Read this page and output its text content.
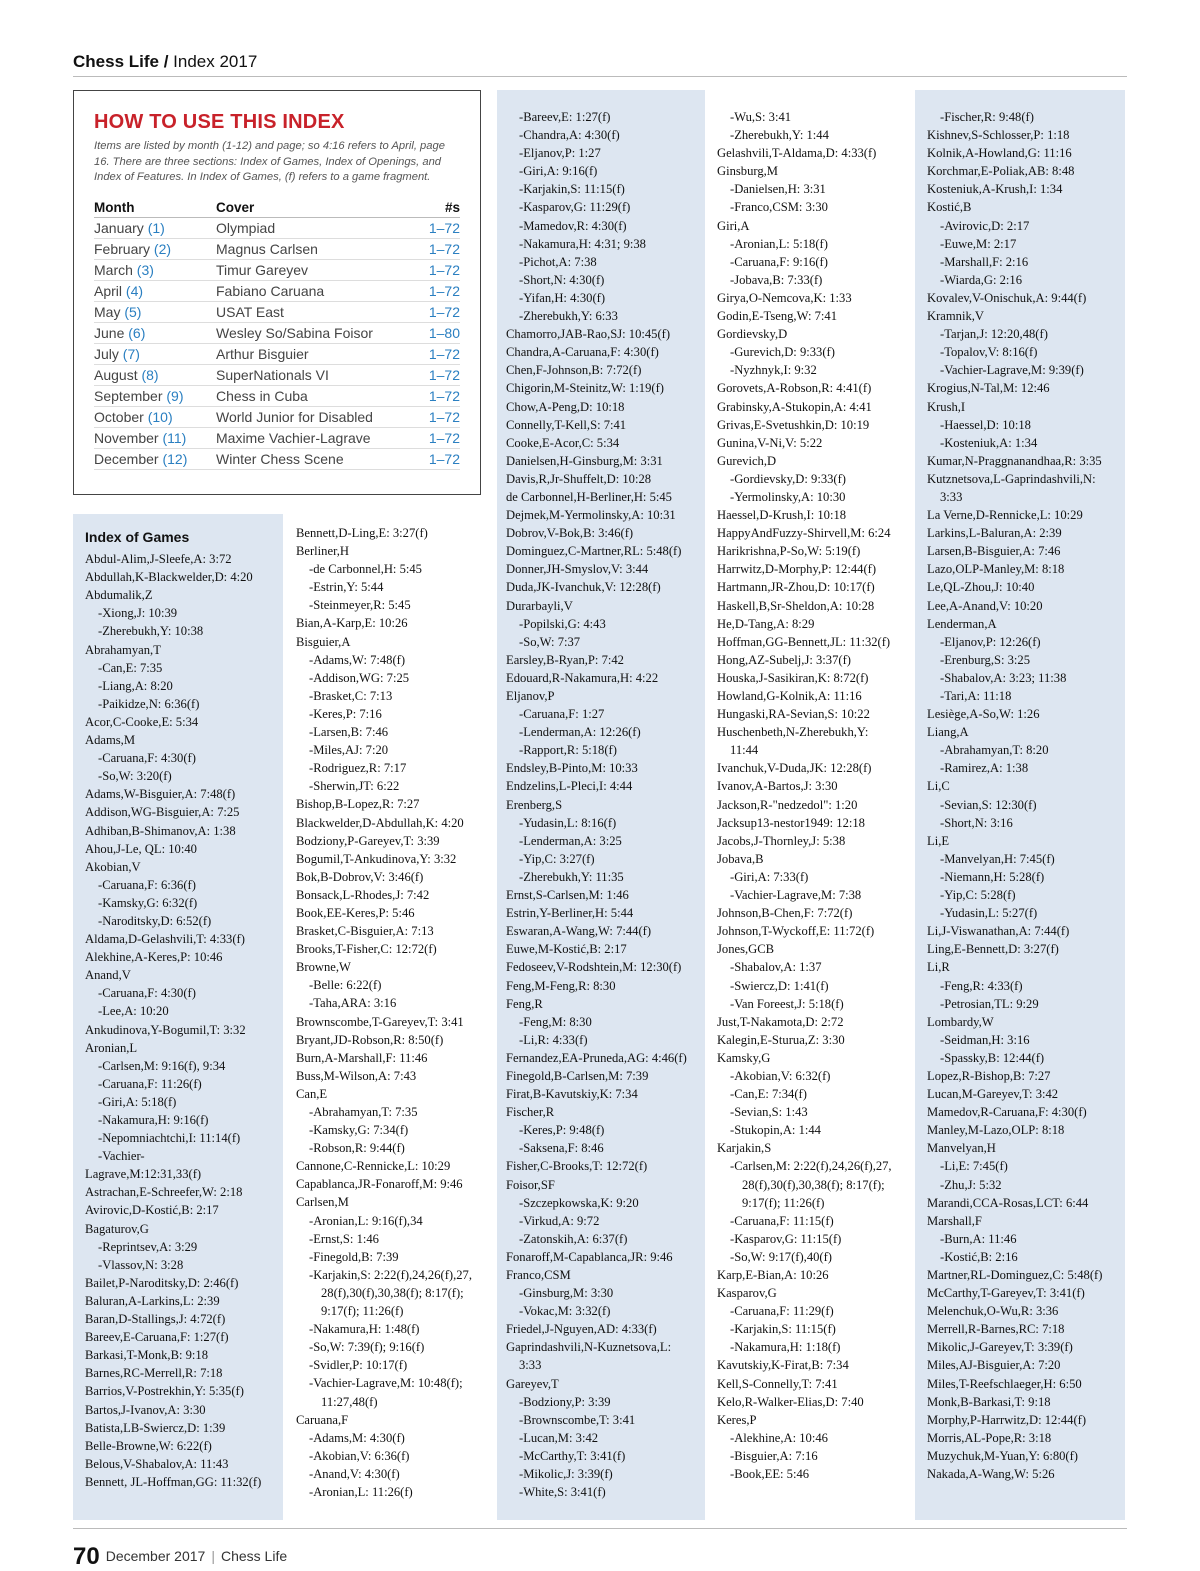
Chess Life / Index 2017
HOW TO USE THIS INDEX
Items are listed by month (1-12) and page; so 4:16 refers to April, page 16. There are three sections: Index of Games, Index of Openings, and Index of Features. In Index of Games, (f) refers to a game fragment.
Month	Cover	#s
January (1)	Olympiad	1–72
February (2)	Magnus Carlsen	1–72
March (3)	Timur Gareyev	1–72
April (4)	Fabiano Caruana	1–72
May (5)	USAT East	1–72
June (6)	Wesley So/Sabina Foisor	1–80
July (7)	Arthur Bisguier	1–72
August (8)	SuperNationals VI	1–72
September (9)	Chess in Cuba	1–72
October (10)	World Junior for Disabled	1–72
November (11)	Maxime Vachier-Lagrave	1–72
December (12)	Winter Chess Scene	1–72
Index of Games
Abdul-Alim,J-Sleefe,A: 3:72
Abdullah,K-Blackwelder,D: 4:20
Abdumalik,Z
-Xiong,J: 10:39
-Zherebukh,Y: 10:38
Abrahamyan,T
-Can,E: 7:35
-Liang,A: 8:20
-Paikidze,N: 6:36(f)
Acor,C-Cooke,E: 5:34
Adams,M
-Caruana,F: 4:30(f)
-So,W: 3:20(f)
Adams,W-Bisguier,A: 7:48(f)
Addison,WG-Bisguier,A: 7:25
Adhiban,B-Shimanov,A: 1:38
Ahou,J-Le, QL: 10:40
Akobian,V
-Caruana,F: 6:36(f)
-Kamsky,G: 6:32(f)
-Naroditsky,D: 6:52(f)
Aldama,D-Gelashvili,T: 4:33(f)
Alekhine,A-Keres,P: 10:46
Anand,V
-Caruana,F: 4:30(f)
-Lee,A: 10:20
Ankudinova,Y-Bogumil,T: 3:32
Aronian,L
-Carlsen,M: 9:16(f), 9:34
-Caruana,F: 11:26(f)
-Giri,A: 5:18(f)
-Nakamura,H: 9:16(f)
-Nepomniachtchi,I: 11:14(f)
-Vachier-
Lagrave,M:12:31,33(f)
Astrachan,E-Schreefer,W: 2:18
Avirovic,D-Kostić,B: 2:17
Bagaturov,G
-Reprintsev,A: 3:29
-Vlassov,N: 3:28
Bailet,P-Naroditsky,D: 2:46(f)
Baluran,A-Larkins,L: 2:39
Baran,D-Stallings,J: 4:72(f)
Bareev,E-Caruana,F: 1:27(f)
Barkasi,T-Monk,B: 9:18
Barnes,RC-Merrell,R: 7:18
Barrios,V-Postrekhin,Y: 5:35(f)
Bartos,J-Ivanov,A: 3:30
Batista,LB-Swiercz,D: 1:39
Belle-Browne,W: 6:22(f)
Belous,V-Shabalov,A: 11:43
Bennett, JL-Hoffman,GG: 11:32(f)
Bennett,D-Ling,E: 3:27(f)
Berliner,H
-de Carbonnel,H: 5:45
-Estrin,Y: 5:44
-Steinmeyer,R: 5:45
Bian,A-Karp,E: 10:26
Bisguier,A
-Adams,W: 7:48(f)
-Addison,WG: 7:25
-Brasket,C: 7:13
-Keres,P: 7:16
-Larsen,B: 7:46
-Miles,AJ: 7:20
-Rodriguez,R: 7:17
-Sherwin,JT: 6:22
Bishop,B-Lopez,R: 7:27
Blackwelder,D-Abdullah,K: 4:20
Bodziony,P-Gareyev,T: 3:39
Bogumil,T-Ankudinova,Y: 3:32
Bok,B-Dobrov,V: 3:46(f)
Bonsack,L-Rhodes,J: 7:42
Book,EE-Keres,P: 5:46
Brasket,C-Bisguier,A: 7:13
Brooks,T-Fisher,C: 12:72(f)
Browne,W
-Belle: 6:22(f)
-Taha,ARA: 3:16
Brownscombe,T-Gareyev,T: 3:41
Bryant,JD-Robson,R: 8:50(f)
Burn,A-Marshall,F: 11:46
Buss,M-Wilson,A: 7:43
Can,E
-Abrahamyan,T: 7:35
-Kamsky,G: 7:34(f)
-Robson,R: 9:44(f)
Cannone,C-Rennicke,L: 10:29
Capablanca,JR-Fonaroff,M: 9:46
Carlsen,M
-Aronian,L: 9:16(f),34
-Ernst,S: 1:46
-Finegold,B: 7:39
-Karjakin,S: 2:22(f),24,26(f),27,
28(f),30(f),30,38(f); 8:17(f);
9:17(f); 11:26(f)
-Nakamura,H: 1:48(f)
-So,W: 7:39(f); 9:16(f)
-Svidler,P: 10:17(f)
-Vachier-Lagrave,M: 10:48(f);
11:27,48(f)
Caruana,F
-Adams,M: 4:30(f)
-Akobian,V: 6:36(f)
-Anand,V: 4:30(f)
-Aronian,L: 11:26(f)
-Bareev,E: 1:27(f)
-Chandra,A: 4:30(f)
-Eljanov,P: 1:27
-Giri,A: 9:16(f)
-Karjakin,S: 11:15(f)
-Kasparov,G: 11:29(f)
-Mamedov,R: 4:30(f)
-Nakamura,H: 4:31; 9:38
-Pichot,A: 7:38
-Short,N: 4:30(f)
-Yifan,H: 4:30(f)
-Zherebukh,Y: 6:33
Chamorro,JAB-Rao,SJ: 10:45(f)
Chandra,A-Caruana,F: 4:30(f)
Chen,F-Johnson,B: 7:72(f)
Chigorin,M-Steinitz,W: 1:19(f)
Chow,A-Peng,D: 10:18
Connelly,T-Kell,S: 7:41
Cooke,E-Acor,C: 5:34
Danielsen,H-Ginsburg,M: 3:31
Davis,R,Jr-Shuffelt,D: 10:28
de Carbonnel,H-Berliner,H: 5:45
Dejmek,M-Yermolinsky,A: 10:31
Dobrov,V-Bok,B: 3:46(f)
Dominguez,C-Martner,RL: 5:48(f)
Donner,JH-Smyslov,V: 3:44
Duda,JK-Ivanchuk,V: 12:28(f)
Durarbayli,V
-Popilski,G: 4:43
-So,W: 7:37
Earsley,B-Ryan,P: 7:42
Edouard,R-Nakamura,H: 4:22
Eljanov,P
-Caruana,F: 1:27
-Lenderman,A: 12:26(f)
-Rapport,R: 5:18(f)
Endsley,B-Pinto,M: 10:33
Endzelins,L-Pleci,I: 4:44
Erenberg,S
-Yudasin,L: 8:16(f)
-Lenderman,A: 3:25
-Yip,C: 3:27(f)
-Zherebukh,Y: 11:35
Ernst,S-Carlsen,M: 1:46
Estrin,Y-Berliner,H: 5:44
Eswaran,A-Wang,W: 7:44(f)
Euwe,M-Kostić,B: 2:17
Fedoseev,V-Rodshtein,M: 12:30(f)
Feng,M-Feng,R: 8:30
Feng,R
-Feng,M: 8:30
-Li,R: 4:33(f)
Fernandez,EA-Pruneda,AG: 4:46(f)
Finegold,B-Carlsen,M: 7:39
Firat,B-Kavutskiy,K: 7:34
Fischer,R
-Keres,P: 9:48(f)
-Saksena,F: 8:46
Fisher,C-Brooks,T: 12:72(f)
Foisor,SF
-Szczepkowska,K: 9:20
-Virkud,A: 9:72
-Zatonskih,A: 6:37(f)
Fonaroff,M-Capablanca,JR: 9:46
Franco,CSM
-Ginsburg,M: 3:30
-Vokac,M: 3:32(f)
Friedel,J-Nguyen,AD: 4:33(f)
Gaprindashvili,N-Kuznetsova,L:
3:33
Gareyev,T
-Bodziony,P: 3:39
-Brownscombe,T: 3:41
-Lucan,M: 3:42
-McCarthy,T: 3:41(f)
-Mikolic,J: 3:39(f)
-White,S: 3:41(f)
-Wu,S: 3:41
-Zherebukh,Y: 1:44
Gelashvili,T-Aldama,D: 4:33(f)
Ginsburg,M
-Danielsen,H: 3:31
-Franco,CSM: 3:30
Giri,A
-Aronian,L: 5:18(f)
-Caruana,F: 9:16(f)
-Jobava,B: 7:33(f)
Girya,O-Nemcova,K: 1:33
Godin,E-Tseng,W: 7:41
Gordievsky,D
-Gurevich,D: 9:33(f)
-Nyzhnyk,I: 9:32
Gorovets,A-Robson,R: 4:41(f)
Grabinsky,A-Stukopin,A: 4:41
Grivas,E-Svetushkin,D: 10:19
Gunina,V-Ni,V: 5:22
Gurevich,D
-Gordievsky,D: 9:33(f)
-Yermolinsky,A: 10:30
Haessel,D-Krush,I: 10:18
HappyAndFuzzy-Shirvell,M: 6:24
Harikrishna,P-So,W: 5:19(f)
Harrwitz,D-Morphy,P: 12:44(f)
Hartmann,JR-Zhou,D: 10:17(f)
Haskell,B,Sr-Sheldon,A: 10:28
He,D-Tang,A: 8:29
Hoffman,GG-Bennett,JL: 11:32(f)
Hong,AZ-Subelj,J: 3:37(f)
Houska,J-Sasikiran,K: 8:72(f)
Howland,G-Kolnik,A: 11:16
Hungaski,RA-Sevian,S: 10:22
Huschenbeth,N-Zherebukh,Y:
11:44
Ivanchuk,V-Duda,JK: 12:28(f)
Ivanov,A-Bartos,J: 3:30
Jackson,R-"nedzedol": 1:20
Jacksup13-nestor1949: 12:18
Jacobs,J-Thornley,J: 5:38
Jobava,B
-Giri,A: 7:33(f)
-Vachier-Lagrave,M: 7:38
Johnson,B-Chen,F: 7:72(f)
Johnson,T-Wyckoff,E: 11:72(f)
Jones,GCB
-Shabalov,A: 1:37
-Swiercz,D: 1:41(f)
-Van Foreest,J: 5:18(f)
Just,T-Nakamota,D: 2:72
Kalegin,E-Sturua,Z: 3:30
Kamsky,G
-Akobian,V: 6:32(f)
-Can,E: 7:34(f)
-Sevian,S: 1:43
-Stukopin,A: 1:44
Karjakin,S
-Carlsen,M: 2:22(f),24,26(f),27,
28(f),30(f),30,38(f); 8:17(f);
9:17(f); 11:26(f)
-Caruana,F: 11:15(f)
-Kasparov,G: 11:15(f)
-So,W: 9:17(f),40(f)
Karp,E-Bian,A: 10:26
Kasparov,G
-Caruana,F: 11:29(f)
-Karjakin,S: 11:15(f)
-Nakamura,H: 1:18(f)
Kavutskiy,K-Firat,B: 7:34
Kell,S-Connelly,T: 7:41
Kelo,R-Walker-Elias,D: 7:40
Keres,P
-Alekhine,A: 10:46
-Bisguier,A: 7:16
-Book,EE: 5:46
-Fischer,R: 9:48(f)
Kishnev,S-Schlosser,P: 1:18
Kolnik,A-Howland,G: 11:16
Korchmar,E-Poliak,AB: 8:48
Kosteniuk,A-Krush,I: 1:34
Kostić,B
-Avirovic,D: 2:17
-Euwe,M: 2:17
-Marshall,F: 2:16
-Wiarda,G: 2:16
Kovalev,V-Onischuk,A: 9:44(f)
Kramnik,V
-Tarjan,J: 12:20,48(f)
-Topalov,V: 8:16(f)
-Vachier-Lagrave,M: 9:39(f)
Krogius,N-Tal,M: 12:46
Krush,I
-Haessel,D: 10:18
-Kosteniuk,A: 1:34
Kumar,N-Praggnanandhaa,R: 3:35
Kutznetsova,L-Gaprindashvili,N:
3:33
La Verne,D-Rennicke,L: 10:29
Larkins,L-Baluran,A: 2:39
Larsen,B-Bisguier,A: 7:46
Lazo,OLP-Manley,M: 8:18
Le,QL-Zhou,J: 10:40
Lee,A-Anand,V: 10:20
Lenderman,A
-Eljanov,P: 12:26(f)
-Erenburg,S: 3:25
-Shabalov,A: 3:23; 11:38
-Tari,A: 11:18
Lesiège,A-So,W: 1:26
Liang,A
-Abrahamyan,T: 8:20
-Ramirez,A: 1:38
Li,C
-Sevian,S: 12:30(f)
-Short,N: 3:16
Li,E
-Manvelyan,H: 7:45(f)
-Niemann,H: 5:28(f)
-Yip,C: 5:28(f)
-Yudasin,L: 5:27(f)
Li,J-Viswanathan,A: 7:44(f)
Ling,E-Bennett,D: 3:27(f)
Li,R
-Feng,R: 4:33(f)
-Petrosian,TL: 9:29
Lombardy,W
-Seidman,H: 3:16
-Spassky,B: 12:44(f)
Lopez,R-Bishop,B: 7:27
Lucan,M-Gareyev,T: 3:42
Mamedov,R-Caruana,F: 4:30(f)
Manley,M-Lazo,OLP: 8:18
Manvelyan,H
-Li,E: 7:45(f)
-Zhu,J: 5:32
Marandi,CCA-Rosas,LCT: 6:44
Marshall,F
-Burn,A: 11:46
-Kostić,B: 2:16
Martner,RL-Dominguez,C: 5:48(f)
McCarthy,T-Gareyev,T: 3:41(f)
Melenchuk,O-Wu,R: 3:36
Merrell,R-Barnes,RC: 7:18
Mikolic,J-Gareyev,T: 3:39(f)
Miles,AJ-Bisguier,A: 7:20
Miles,T-Reefschlaeger,H: 6:50
Monk,B-Barkasi,T: 9:18
Morphy,P-Harrwitz,D: 12:44(f)
Morris,AL-Pope,R: 3:18
Muzychuk,M-Yuan,Y: 6:80(f)
Nakada,A-Wang,W: 5:26
70 December 2017 | Chess Life
